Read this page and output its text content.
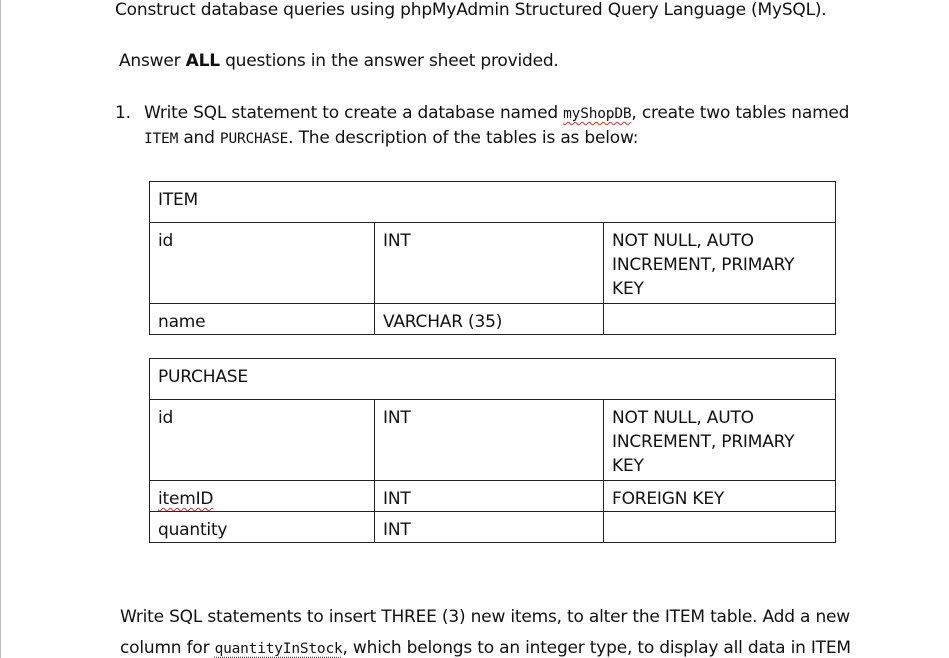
Construct database queries using phpMyAdmin Structured Query Language (MySQL).
Answer ALL questions in the answer sheet provided.
1. Write SQL statement to create a database named myShopDB, create two tables named
ITEM and PURCHASE. The description of the tables is as below:
ITEM		
id	INT	NOT NULL, AUTO
INCREMENT, PRIMARY
KEY
name	VARCHAR (35)	
PURCHASE		
id	INT	NOT NULL, AUTO
INCREMENT, PRIMARY
KEY
itemID	INT	FOREIGN KEY
quantity	INT	
Write SQL statements to insert THREE (3) new items, to alter the ITEM table. Add a new
column for quantityInStock, which belongs to an integer type, to display all data in ITEM
